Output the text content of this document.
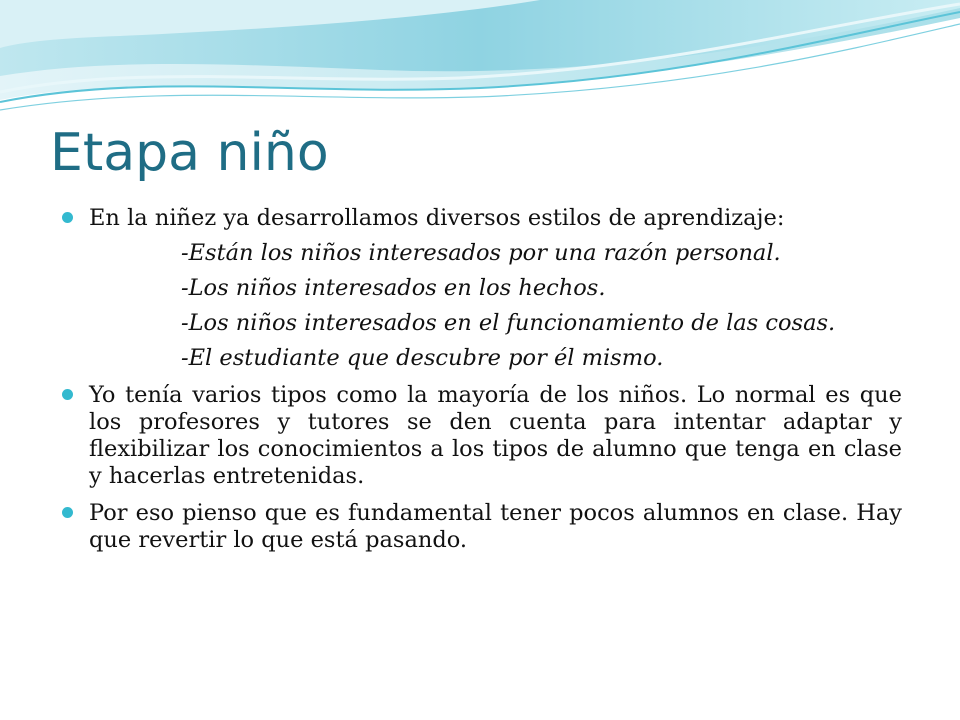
Etapa niño
En la niñez ya desarrollamos diversos estilos de aprendizaje:
-Están los niños interesados por una razón personal.
-Los niños interesados en los hechos.
-Los niños interesados en el funcionamiento de las cosas.
-El estudiante que descubre por él mismo.
Yo tenía varios tipos como la mayoría de los niños. Lo normal es que los profesores y tutores se den cuenta para intentar adaptar y flexibilizar los conocimientos a los tipos de alumno que tenga en clase y hacerlas entretenidas.
Por eso pienso que es fundamental tener pocos alumnos en clase. Hay que revertir lo que está pasando.
